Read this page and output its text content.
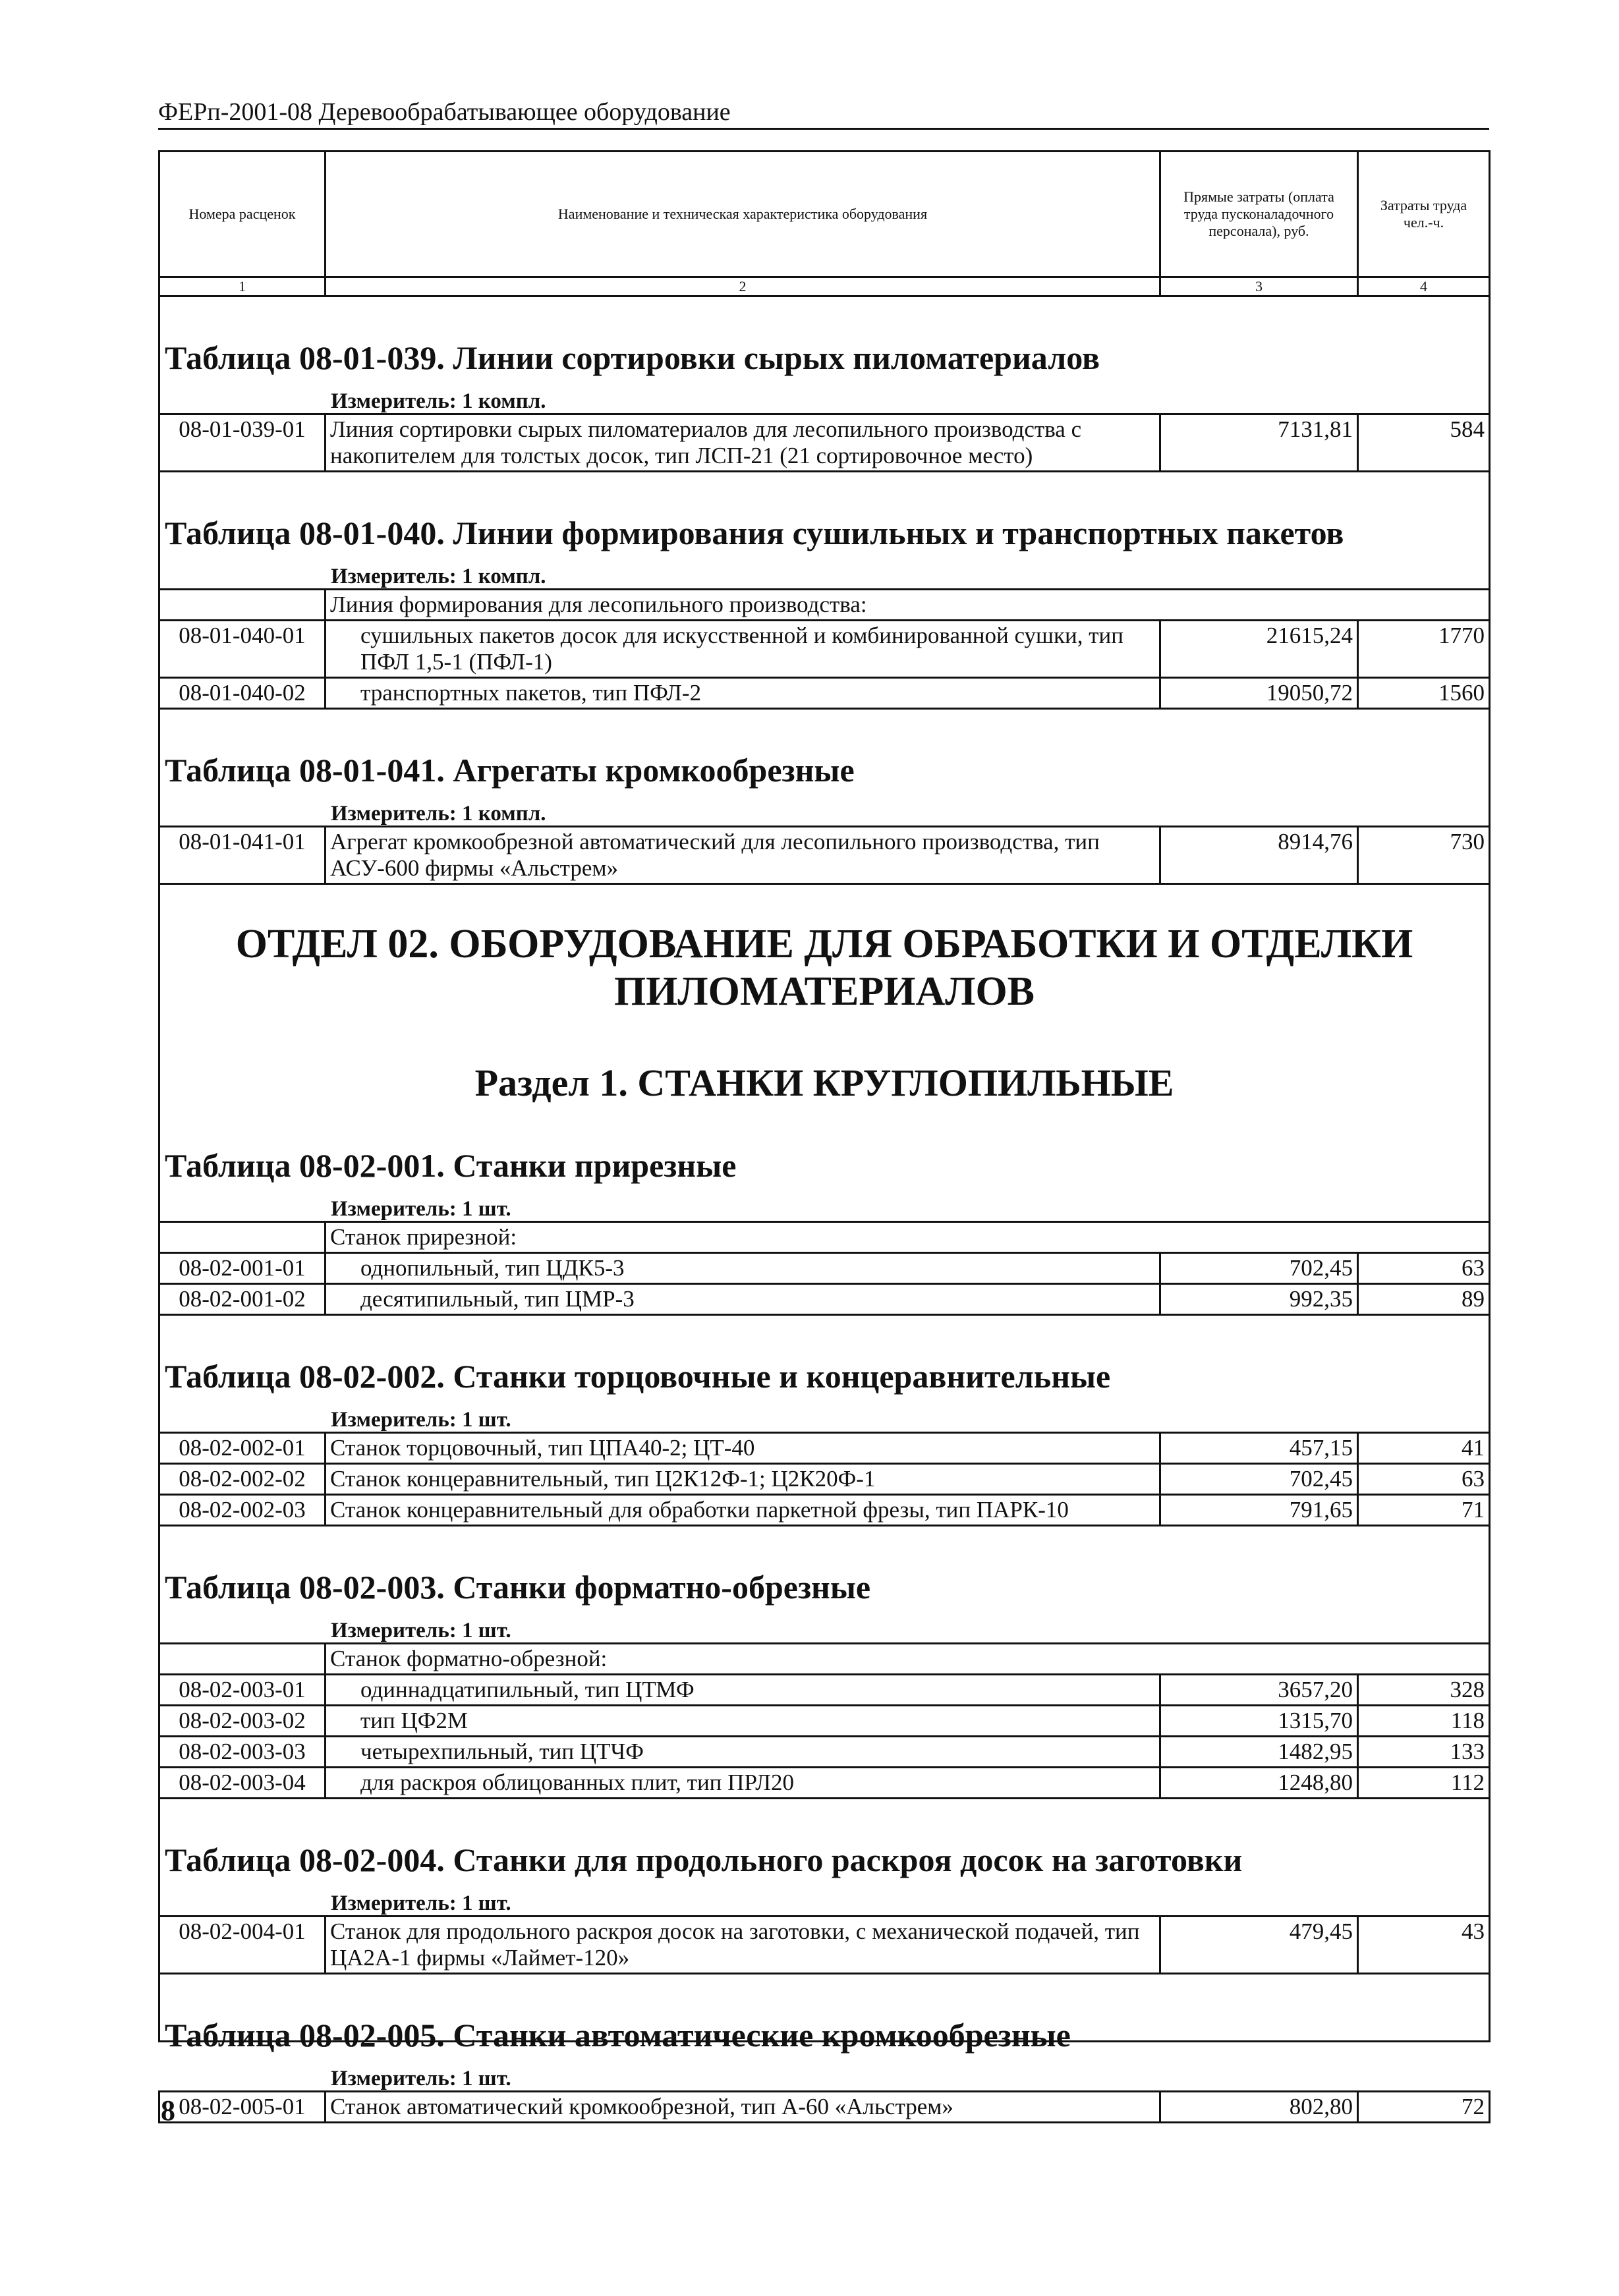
ФЕРп-2001-08 Деревообрабатывающее оборудование
Номера расценок	Наименование и техническая характеристика оборудования	Прямые затраты (оплата труда пусконаладочного персонала), руб.	Затраты труда чел.-ч.
1	2	3	4
Таблица 08-01-039. Линии сортировки сырых пиломатериалов
Измеритель: 1 компл.
08-01-039-01	Линия сортировки сырых пиломатериалов для лесопильного производства с накопителем для толстых досок, тип ЛСП-21 (21 сортировочное место)	7131,81	584
Таблица 08-01-040. Линии формирования сушильных и транспортных пакетов
Измеритель: 1 компл.
	Линия формирования для лесопильного производства:		
08-01-040-01	сушильных пакетов досок для искусственной и комбинированной сушки, тип ПФЛ 1,5-1 (ПФЛ-1)	21615,24	1770
08-01-040-02	транспортных пакетов, тип ПФЛ-2	19050,72	1560
Таблица 08-01-041. Агрегаты кромкообрезные
Измеритель: 1 компл.
08-01-041-01	Агрегат кромкообрезной автоматический для лесопильного производства, тип АСУ-600 фирмы «Альстрем»	8914,76	730
ОТДЕЛ 02. ОБОРУДОВАНИЕ ДЛЯ ОБРАБОТКИ И ОТДЕЛКИ
ПИЛОМАТЕРИАЛОВ
Раздел 1. СТАНКИ КРУГЛОПИЛЬНЫЕ
Таблица 08-02-001. Станки прирезные
Измеритель: 1 шт.
	Станок прирезной:		
08-02-001-01	однопильный, тип ЦДК5-3	702,45	63
08-02-001-02	десятипильный, тип ЦМР-3	992,35	89
Таблица 08-02-002. Станки торцовочные и концеравнительные
Измеритель: 1 шт.
08-02-002-01	Станок торцовочный, тип ЦПА40-2; ЦТ-40	457,15	41
08-02-002-02	Станок концеравнительный, тип Ц2К12Ф-1; Ц2К20Ф-1	702,45	63
08-02-002-03	Станок концеравнительный для обработки паркетной фрезы, тип ПАРК-10	791,65	71
Таблица 08-02-003. Станки форматно-обрезные
Измеритель: 1 шт.
	Станок форматно-обрезной:		
08-02-003-01	одиннадцатипильный, тип ЦТМФ	3657,20	328
08-02-003-02	тип ЦФ2М	1315,70	118
08-02-003-03	четырехпильный, тип ЦТЧФ	1482,95	133
08-02-003-04	для раскроя облицованных плит, тип ПРЛ20	1248,80	112
Таблица 08-02-004. Станки для продольного раскроя досок на заготовки
Измеритель: 1 шт.
08-02-004-01	Станок для продольного раскроя досок на заготовки, с механической подачей, тип ЦА2А-1 фирмы «Лаймет-120»	479,45	43
Таблица 08-02-005. Станки автоматические кромкообрезные
Измеритель: 1 шт.
08-02-005-01	Станок автоматический кромкообрезной, тип А-60 «Альстрем»	802,80	72
8
